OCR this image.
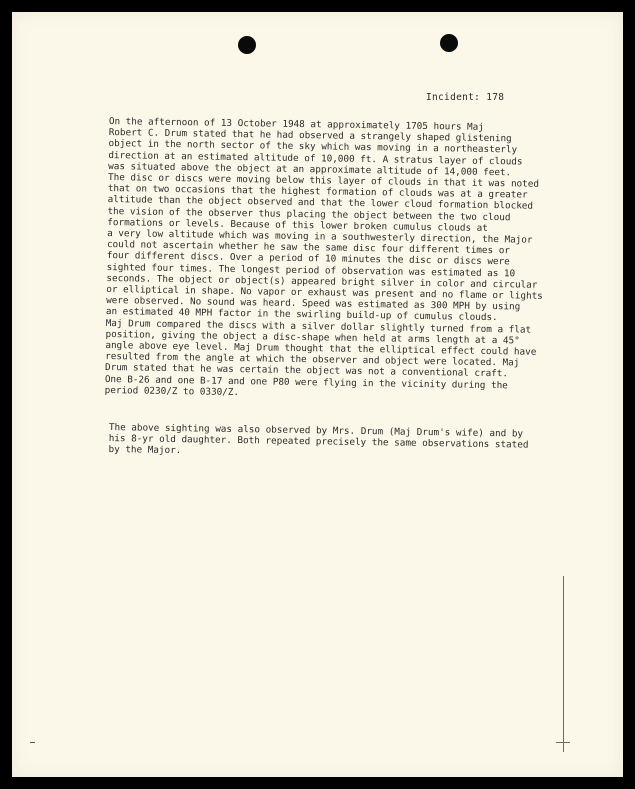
Incident: 178

On the afternoon of 13 October 1948 at approximately 1705 hours Maj
Robert C. Drum stated that he had observed a strangely shaped glistening
object in the north sector of the sky which was moving in a northeasterly
direction at an estimated altitude of 10,000 ft. A stratus layer of clouds
was situated above the object at an approximate altitude of 14,000 feet.
The disc or discs were moving below this layer of clouds in that it was noted
that on two occasions that the highest formation of clouds was at a greater
altitude than the object observed and that the lower cloud formation blocked
the vision of the observer thus placing the object between the two cloud
formations or levels. Because of this lower broken cumulus clouds at
a very low altitude which was moving in a southwesterly direction, the Major
could not ascertain whether he saw the same disc four different times or
four different discs. Over a period of 10 minutes the disc or discs were
sighted four times. The longest period of observation was estimated as 10
seconds. The object or object(s) appeared bright silver in color and circular
or elliptical in shape. No vapor or exhaust was present and no flame or lights
were observed. No sound was heard. Speed was estimated as 300 MPH by using
an estimated 40 MPH factor in the swirling build-up of cumulus clouds.
Maj Drum compared the discs with a silver dollar slightly turned from a flat
position, giving the object a disc-shape when held at arms length at a 45°
angle above eye level. Maj Drum thought that the elliptical effect could have
resulted from the angle at which the observer and object were located. Maj
Drum stated that he was certain the object was not a conventional craft.
One B-26 and one B-17 and one P80 were flying in the vicinity during the
period 0230/Z to 0330/Z.

The above sighting was also observed by Mrs. Drum (Maj Drum's wife) and by
his 8-yr old daughter. Both repeated precisely the same observations stated
by the Major.
